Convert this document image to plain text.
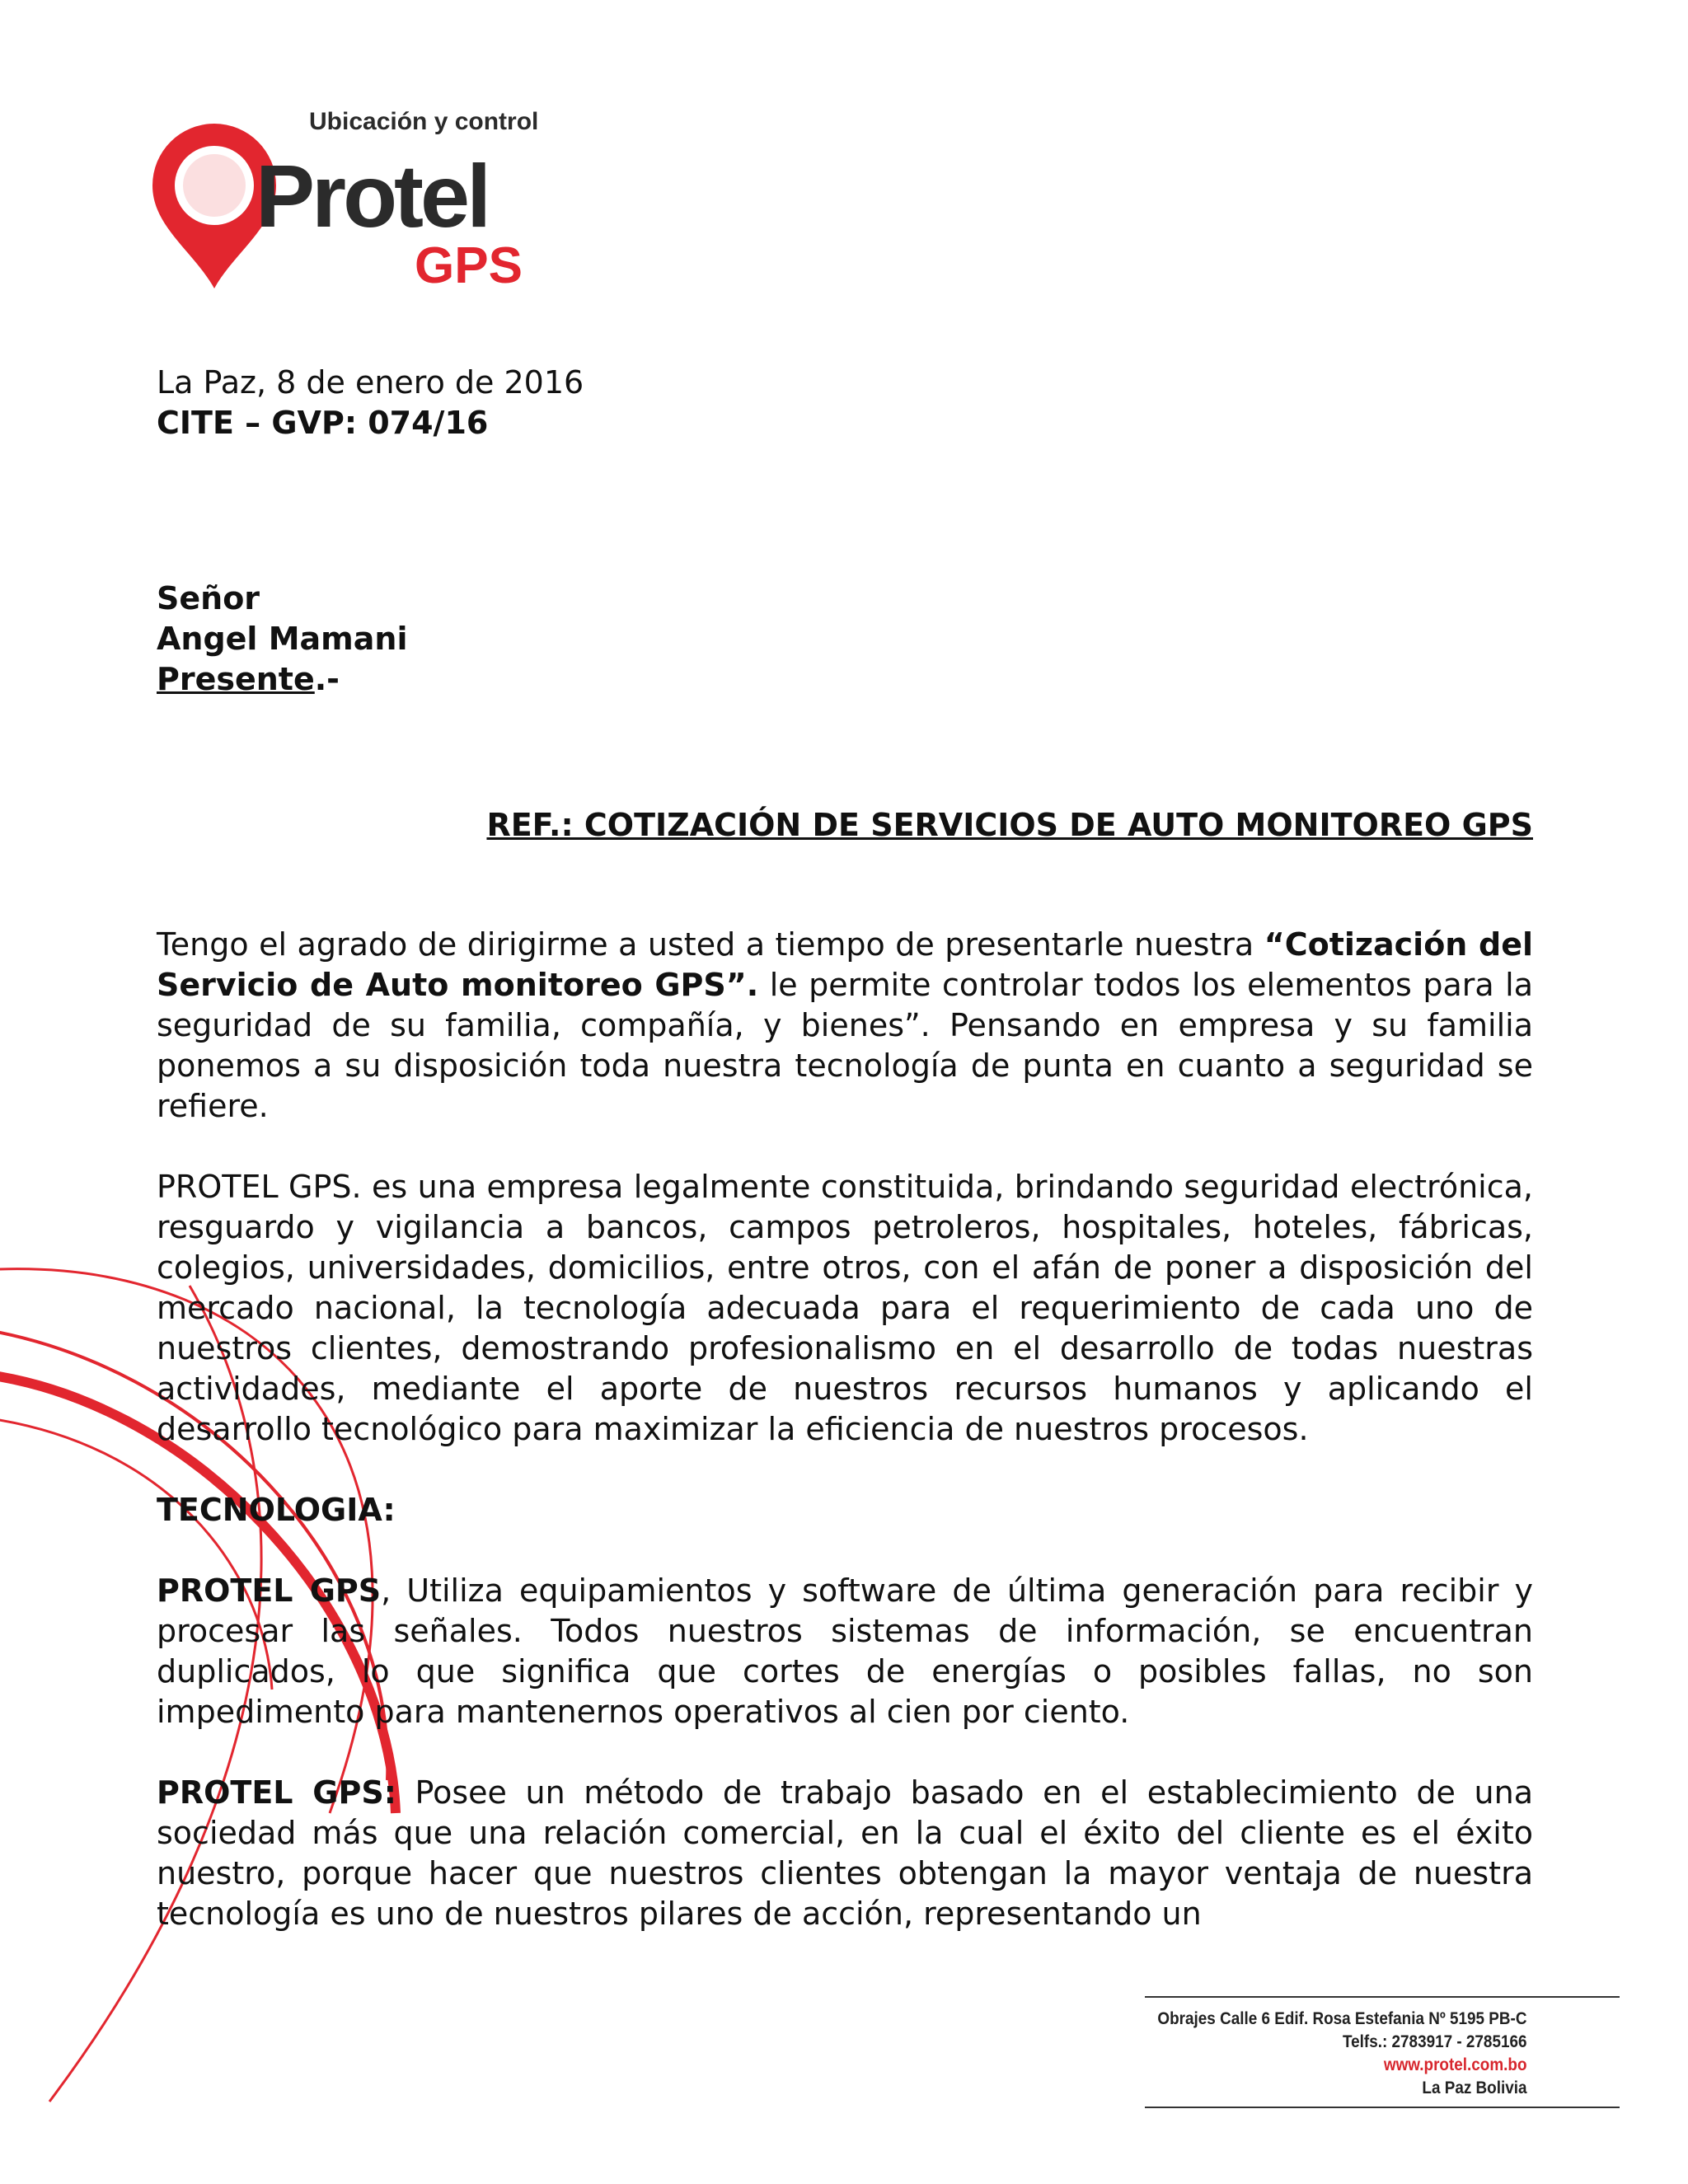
Ubicación y control
Protel
GPS
La Paz, 8 de enero de 2016
CITE – GVP: 074/16
Señor
Angel Mamani
Presente.-
REF.: COTIZACIÓN DE SERVICIOS DE AUTO MONITOREO GPS

Tengo el agrado de dirigirme a usted a tiempo de presentarle nuestra “Cotización del Servicio de Auto monitoreo GPS”. le permite controlar todos los elementos para la seguridad de su familia, compañía, y bienes”. Pensando en empresa y su familia ponemos a su disposición toda nuestra tecnología de punta en cuanto a seguridad se refiere.

PROTEL GPS. es una empresa legalmente constituida, brindando seguridad electrónica, resguardo y vigilancia a bancos, campos petroleros, hospitales, hoteles, fábricas, colegios, universidades, domicilios, entre otros, con el afán de poner a disposición del mercado nacional, la tecnología adecuada para el requerimiento de cada uno de nuestros clientes, demostrando profesionalismo en el desarrollo de todas nuestras actividades, mediante el aporte de nuestros recursos humanos y aplicando el desarrollo tecnológico para maximizar la eficiencia de nuestros procesos.

TECNOLOGIA:

PROTEL GPS, Utiliza equipamientos y software de última generación para recibir y procesar las señales. Todos nuestros sistemas de información, se encuentran duplicados, lo que significa que cortes de energías o posibles fallas, no son impedimento para mantenernos operativos al cien por ciento.

PROTEL GPS: Posee un método de trabajo basado en el establecimiento de una sociedad más que una relación comercial, en la cual el éxito del cliente es el éxito nuestro, porque hacer que nuestros clientes obtengan la mayor ventaja de nuestra tecnología es uno de nuestros pilares de acción, representando un

Obrajes Calle 6 Edif. Rosa Estefania Nº 5195 PB-C
Telfs.: 2783917 - 2785166
www.protel.com.bo
La Paz Bolivia
